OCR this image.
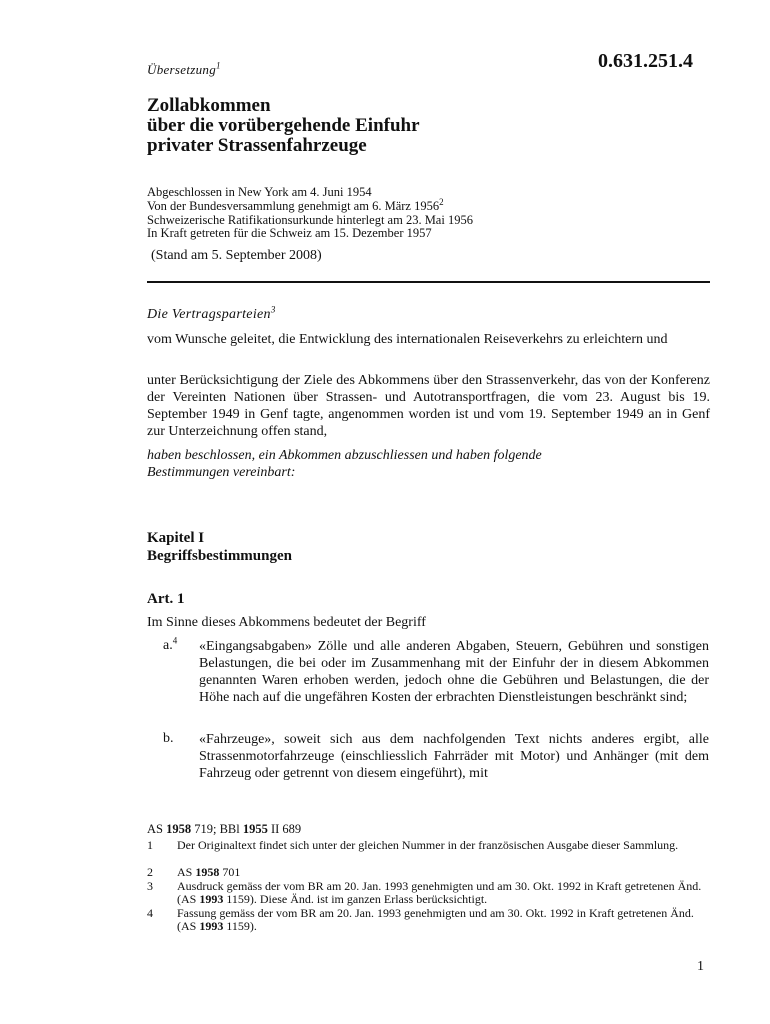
Übersetzung$^1$	0.631.251.4
Zollabkommen
über die vorübergehende Einfuhr
privater Strassenfahrzeuge
Abgeschlossen in New York am 4. Juni 1954
Von der Bundesversammlung genehmigt am 6. März 1956$^2$
Schweizerische Ratifikationsurkunde hinterlegt am 23. Mai 1956
In Kraft getreten für die Schweiz am 15. Dezember 1957
(Stand am 5. September 2008)
Die Vertragsparteien$^3$
vom Wunsche geleitet, die Entwicklung des internationalen Reiseverkehrs zu erleichtern und
unter Berücksichtigung der Ziele des Abkommens über den Strassenverkehr, das von der Konferenz der Vereinten Nationen über Strassen- und Autotransportfragen, die vom 23. August bis 19. September 1949 in Genf tagte, angenommen worden ist und vom 19. September 1949 an in Genf zur Unterzeichnung offen stand,
haben beschlossen, ein Abkommen abzuschliessen und haben folgende Bestimmungen vereinbart:
Kapitel I
Begriffsbestimmungen
Art. 1
Im Sinne dieses Abkommens bedeutet der Begriff
a.$^4$ «Eingangsabgaben» Zölle und alle anderen Abgaben, Steuern, Gebühren und sonstigen Belastungen, die bei oder im Zusammenhang mit der Einfuhr der in diesem Abkommen genannten Waren erhoben werden, jedoch ohne die Gebühren und Belastungen, die der Höhe nach auf die ungefähren Kosten der erbrachten Dienstleistungen beschränkt sind;
b. «Fahrzeuge», soweit sich aus dem nachfolgenden Text nichts anderes ergibt, alle Strassenmotorfahrzeuge (einschliesslich Fahrräder mit Motor) und Anhänger (mit dem Fahrzeug oder getrennt von diesem eingeführt), mit
AS 1958 719; BBl 1955 II 689
1 Der Originaltext findet sich unter der gleichen Nummer in der französischen Ausgabe dieser Sammlung.
2 AS 1958 701
3 Ausdruck gemäss der vom BR am 20. Jan. 1993 genehmigten und am 30. Okt. 1992 in Kraft getretenen Änd. (AS 1993 1159). Diese Änd. ist im ganzen Erlass berücksichtigt.
4 Fassung gemäss der vom BR am 20. Jan. 1993 genehmigten und am 30. Okt. 1992 in Kraft getretenen Änd. (AS 1993 1159).
1
